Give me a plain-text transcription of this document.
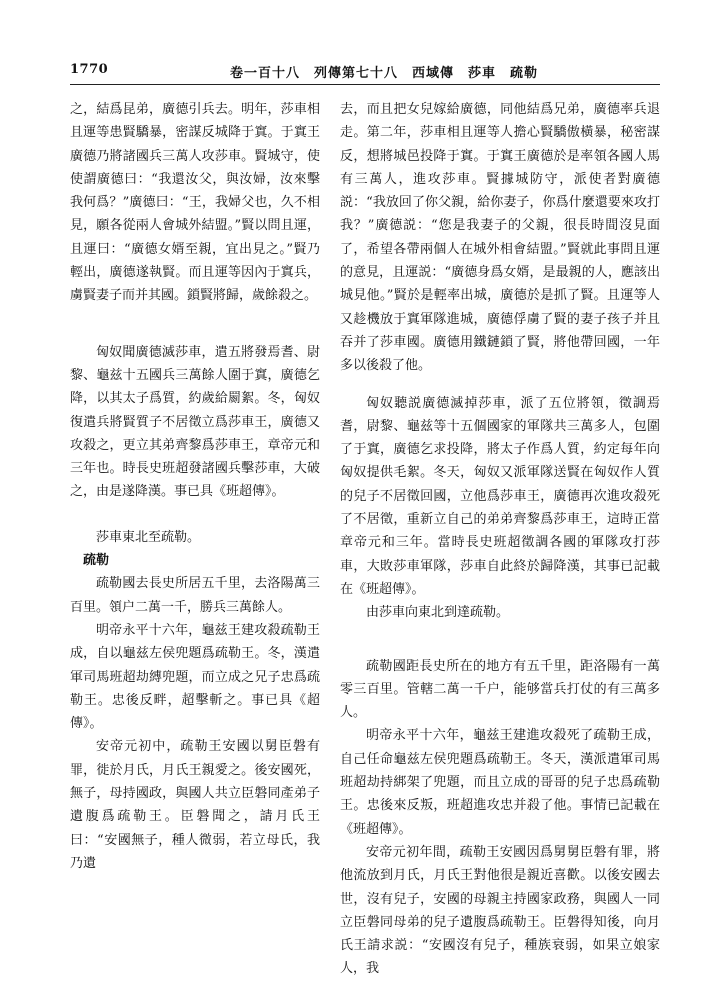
1770	卷一百十八　列傳第七十八　西域傳　莎車　疏勒

之，結爲昆弟，廣德引兵去。明年，莎車相且運等患賢驕暴，密謀反城降于窴。于窴王廣德乃將諸國兵三萬人攻莎車。賢城守，使使謂廣德曰：“我還汝父，與汝婦，汝來擊我何爲？”廣德曰：“王，我婦父也，久不相見，願各從兩人會城外結盟。”賢以問且運，且運曰：“廣德女婿至親，宜出見之。”賢乃輕出，廣德遂執賢。而且運等因內于窴兵，虜賢妻子而并其國。鎖賢將歸，歲餘殺之。

匈奴聞廣德滅莎車，遣五將發焉耆、尉黎、龜兹十五國兵三萬餘人圍于窴，廣德乞降，以其太子爲質，約歲給罽絮。冬，匈奴復遣兵將賢質子不居徵立爲莎車王，廣德又攻殺之，更立其弟齊黎爲莎車王，章帝元和三年也。時長史班超發諸國兵擊莎車，大破之，由是遂降漢。事已具《班超傳》。

莎車東北至疏勒。

疏勒

疏勒國去長史所居五千里，去洛陽萬三百里。領户二萬一千，勝兵三萬餘人。

明帝永平十六年，龜兹王建攻殺疏勒王成，自以龜兹左侯兜題爲疏勒王。冬，漢遣軍司馬班超劫縛兜題，而立成之兄子忠爲疏勒王。忠後反畔，超擊斬之。事已具《超傳》。

安帝元初中，疏勒王安國以舅臣磐有罪，徙於月氏，月氏王親愛之。後安國死，無子，母持國政，與國人共立臣磐同產弟子遺腹爲疏勒王。臣磐聞之，請月氏王曰：“安國無子，種人微弱，若立母氏，我乃遺

去，而且把女兒嫁給廣德，同他結爲兄弟，廣德率兵退走。第二年，莎車相且運等人擔心賢驕傲橫暴，秘密謀反，想將城邑投降于窴。于窴王廣德於是率領各國人馬有三萬人，進攻莎車。賢據城防守，派使者對廣德説：“我放回了你父親，給你妻子，你爲什麼還要來攻打我？”廣德説：“您是我妻子的父親，很長時間沒見面了，希望各帶兩個人在城外相會結盟。”賢就此事問且運的意見，且運説：“廣德身爲女婿，是最親的人，應該出城見他。”賢於是輕率出城，廣德於是抓了賢。且運等人又趁機放于窴軍隊進城，廣德俘虜了賢的妻子孩子并且吞并了莎車國。廣德用鐵鏈鎖了賢，將他帶回國，一年多以後殺了他。

匈奴聽説廣德滅掉莎車，派了五位將領，徵調焉耆，尉黎、龜兹等十五個國家的軍隊共三萬多人，包圍了于窴，廣德乞求投降，將太子作爲人質，約定每年向匈奴提供毛絮。冬天，匈奴又派軍隊送賢在匈奴作人質的兒子不居徵回國，立他爲莎車王，廣德再次進攻殺死了不居徵，重新立自己的弟弟齊黎爲莎車王，這時正當章帝元和三年。當時長史班超徵調各國的軍隊攻打莎車，大敗莎車軍隊，莎車自此終於歸降漢，其事已記載在《班超傳》。

由莎車向東北到達疏勒。

疏勒國距長史所在的地方有五千里，距洛陽有一萬零三百里。管轄二萬一千户，能够當兵打仗的有三萬多人。

明帝永平十六年，龜兹王建進攻殺死了疏勒王成，自己任命龜兹左侯兜題爲疏勒王。冬天，漢派遣軍司馬班超劫持綁架了兜題，而且立成的哥哥的兒子忠爲疏勒王。忠後來反叛，班超進攻忠并殺了他。事情已記載在《班超傳》。

安帝元初年間，疏勒王安國因爲舅舅臣磐有罪，將他流放到月氏，月氏王對他很是親近喜歡。以後安國去世，沒有兒子，安國的母親主持國家政務，與國人一同立臣磐同母弟的兒子遺腹爲疏勒王。臣磐得知後，向月氏王請求説：“安國沒有兒子，種族衰弱，如果立娘家人，我
